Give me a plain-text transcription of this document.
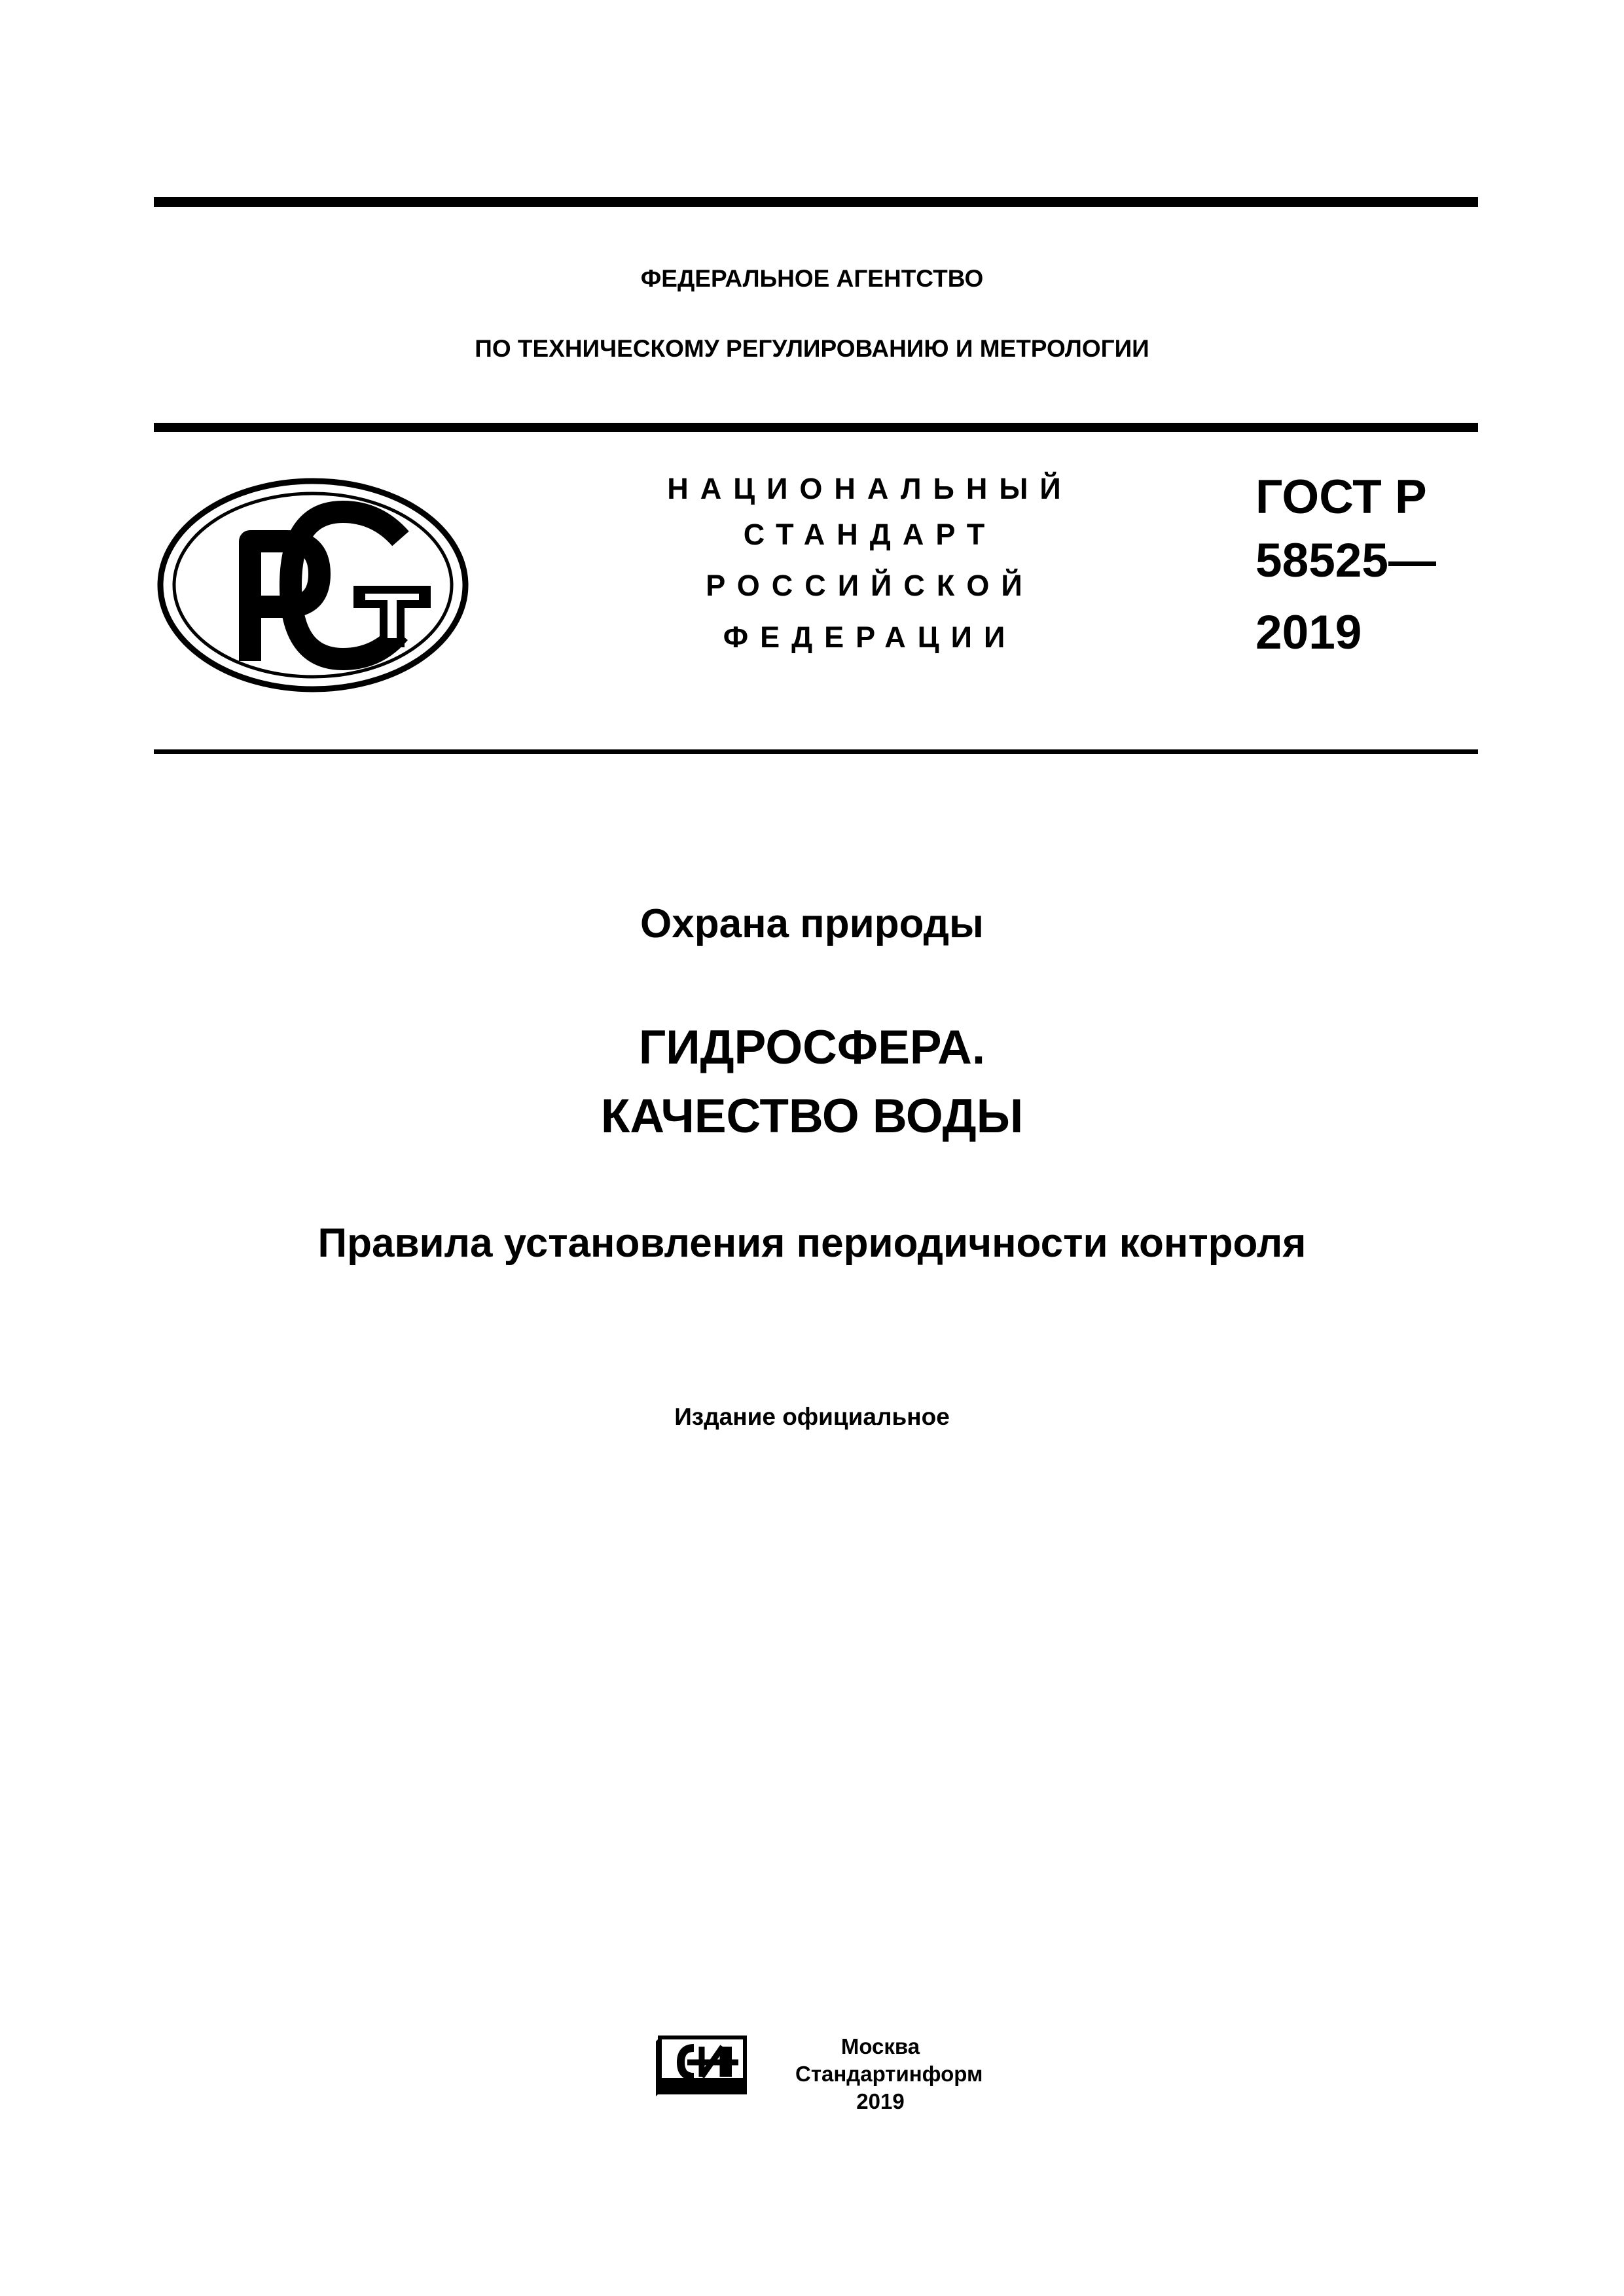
ФЕДЕРАЛЬНОЕ АГЕНТСТВО
ПО ТЕХНИЧЕСКОМУ РЕГУЛИРОВАНИЮ И МЕТРОЛОГИИ
НАЦИОНАЛЬНЫЙ
СТАНДАРТ
РОССИЙСКОЙ
ФЕДЕРАЦИИ
ГОСТ Р
58525—
2019
Охрана природы
ГИДРОСФЕРА.
КАЧЕСТВО ВОДЫ
Правила установления периодичности контроля
Издание официальное
Москва
Стандартинформ
2019
